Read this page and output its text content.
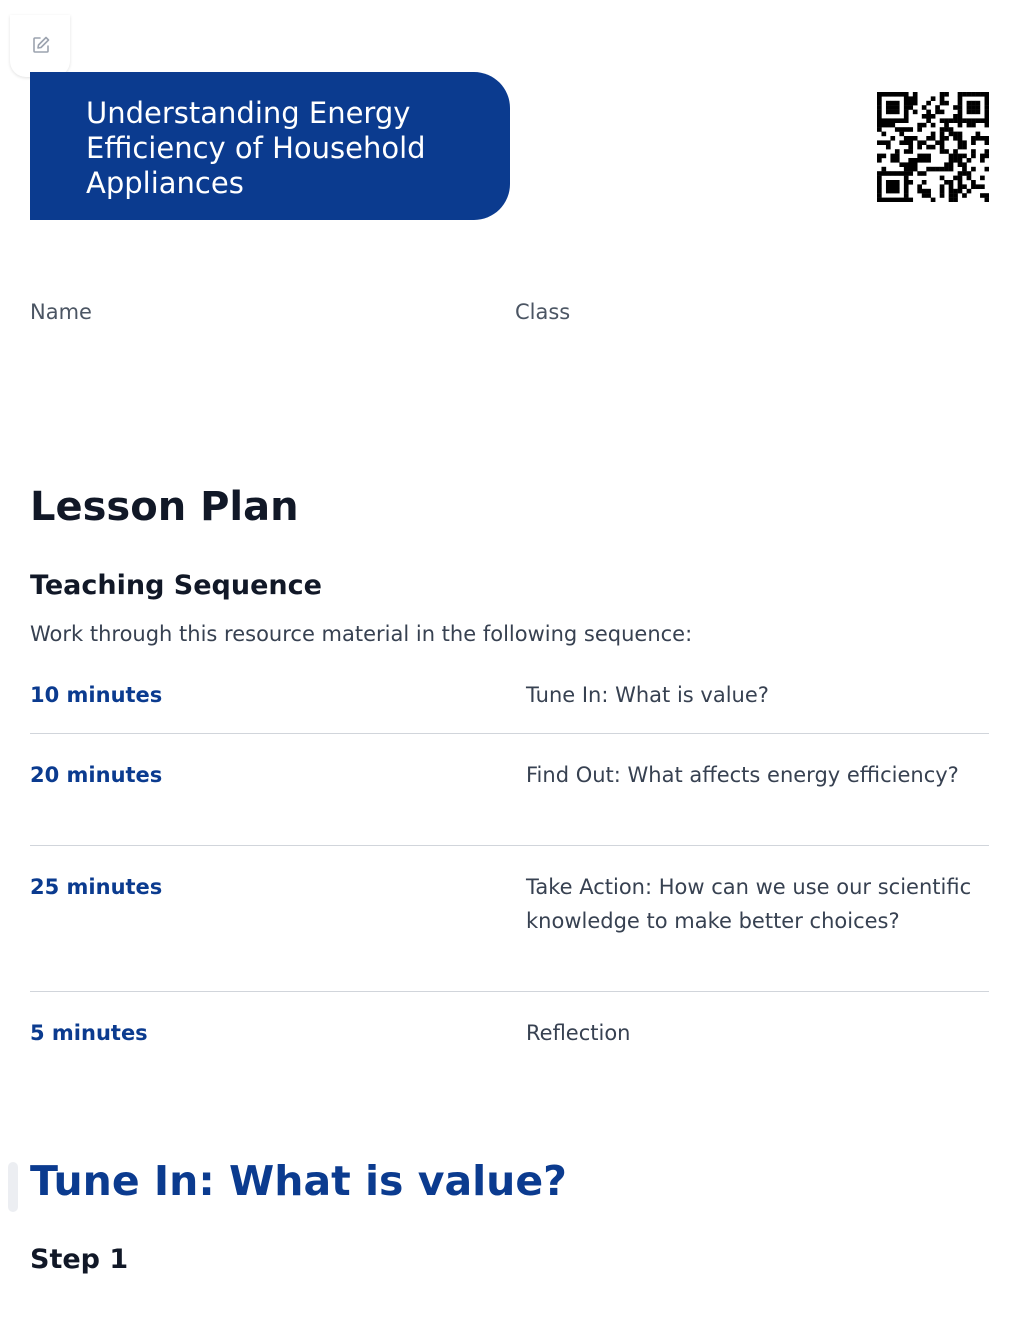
Understanding Energy Efficiency of Household Appliances
Name	Class
Lesson Plan
Teaching Sequence

Work through this resource material in the following sequence:

10 minutes	Tune In: What is value?
20 minutes	Find Out: What affects energy efficiency?
25 minutes	Take Action: How can we use our scientific knowledge to make better choices?
5 minutes	Reflection
Tune In: What is value?
Step 1
